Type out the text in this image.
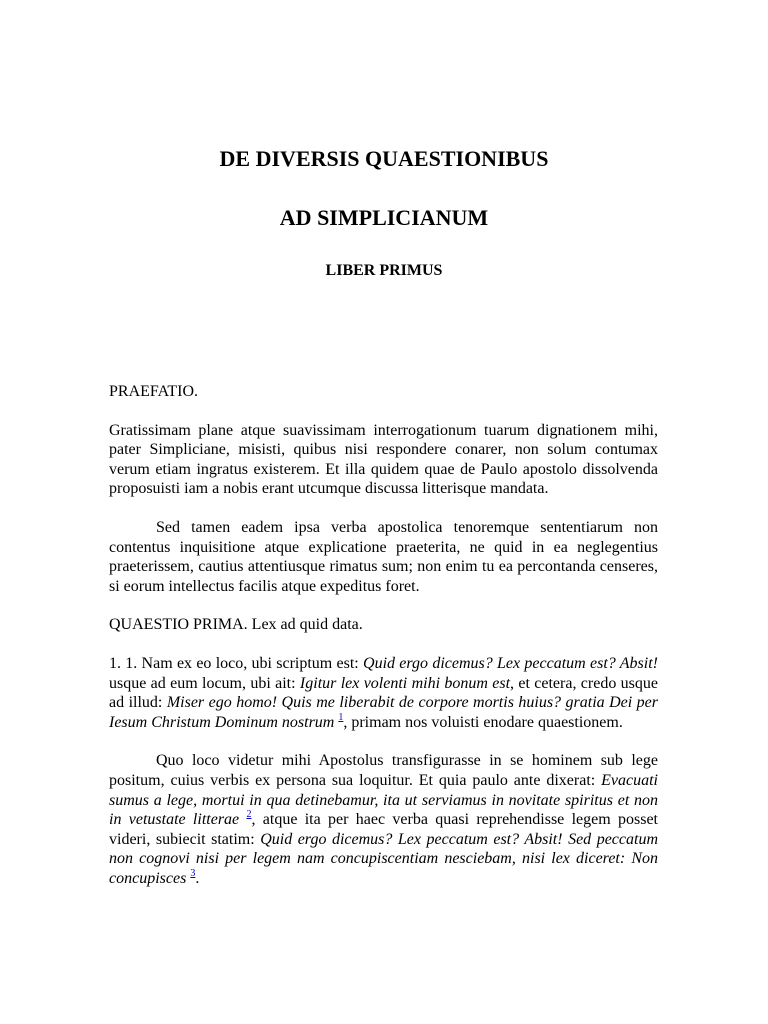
DE DIVERSIS QUAESTIONIBUS
AD SIMPLICIANUM
LIBER PRIMUS

PRAEFATIO.

Gratissimam plane atque suavissimam interrogationum tuarum dignationem mihi, pater Simpliciane, misisti, quibus nisi respondere conarer, non solum contumax verum etiam ingratus existerem. Et illa quidem quae de Paulo apostolo dissolvenda proposuisti iam a nobis erant utcumque discussa litterisque mandata.

Sed tamen eadem ipsa verba apostolica tenoremque sententiarum non contentus inquisitione atque explicatione praeterita, ne quid in ea neglegentius praeterissem, cautius attentiusque rimatus sum; non enim tu ea percontanda censeres, si eorum intellectus facilis atque expeditus foret.

QUAESTIO PRIMA. Lex ad quid data.

1. 1. Nam ex eo loco, ubi scriptum est: Quid ergo dicemus? Lex peccatum est? Absit! usque ad eum locum, ubi ait: Igitur lex volenti mihi bonum est, et cetera, credo usque ad illud: Miser ego homo! Quis me liberabit de corpore mortis huius? gratia Dei per Iesum Christum Dominum nostrum $^1$, primam nos voluisti enodare quaestionem.

Quo loco videtur mihi Apostolus transfigurasse in se hominem sub lege positum, cuius verbis ex persona sua loquitur. Et quia paulo ante dixerat: Evacuati sumus a lege, mortui in qua detinebamur, ita ut serviamus in novitate spiritus et non in vetustate litterae $^2$, atque ita per haec verba quasi reprehendisse legem posset videri, subiecit statim: Quid ergo dicemus? Lex peccatum est? Absit! Sed peccatum non cognovi nisi per legem nam concupiscentiam nesciebam, nisi lex diceret: Non concupisces $^3$.
